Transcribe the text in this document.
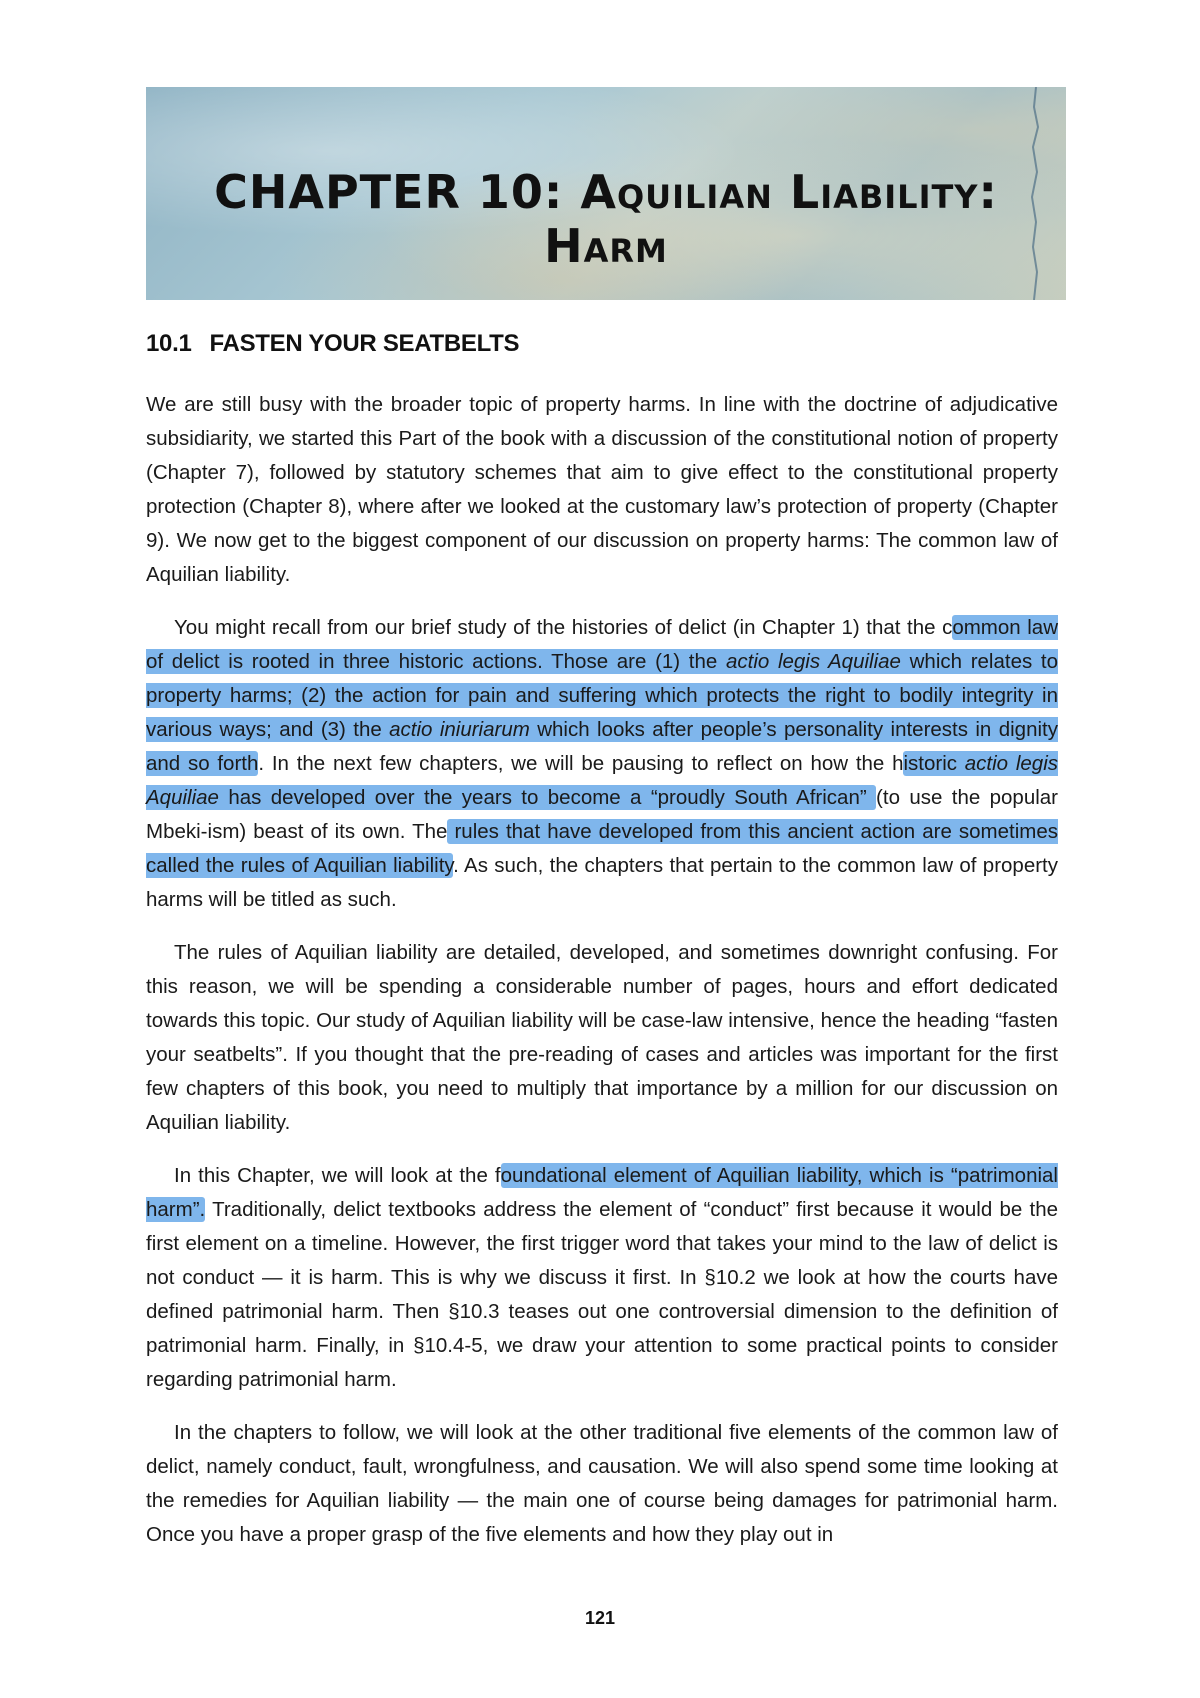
CHAPTER 10: Aquilian Liability: Harm
10.1 FASTEN YOUR SEATBELTS

We are still busy with the broader topic of property harms. In line with the doctrine of adjudicative subsidiarity, we started this Part of the book with a discussion of the constitutional notion of property (Chapter 7), followed by statutory schemes that aim to give effect to the constitutional property protection (Chapter 8), where after we looked at the customary law’s protection of property (Chapter 9). We now get to the biggest component of our discussion on property harms: The common law of Aquilian liability.

You might recall from our brief study of the histories of delict (in Chapter 1) that the common law of delict is rooted in three historic actions. Those are (1) the actio legis Aquiliae which relates to property harms; (2) the action for pain and suffering which protects the right to bodily integrity in various ways; and (3) the actio iniuriarum which looks after people’s personality interests in dignity and so forth. In the next few chapters, we will be pausing to reflect on how the historic actio legis Aquiliae has developed over the years to become a “proudly South African” (to use the popular Mbeki-ism) beast of its own. The rules that have developed from this ancient action are sometimes called the rules of Aquilian liability. As such, the chapters that pertain to the common law of property harms will be titled as such.

The rules of Aquilian liability are detailed, developed, and sometimes downright confusing. For this reason, we will be spending a considerable number of pages, hours and effort dedicated towards this topic. Our study of Aquilian liability will be case-law intensive, hence the heading “fasten your seatbelts”. If you thought that the pre-reading of cases and articles was important for the first few chapters of this book, you need to multiply that importance by a million for our discussion on Aquilian liability.

In this Chapter, we will look at the foundational element of Aquilian liability, which is “patrimonial harm”. Traditionally, delict textbooks address the element of “conduct” first because it would be the first element on a timeline. However, the first trigger word that takes your mind to the law of delict is not conduct — it is harm. This is why we discuss it first. In §10.2 we look at how the courts have defined patrimonial harm. Then §10.3 teases out one controversial dimension to the definition of patrimonial harm. Finally, in §10.4-5, we draw your attention to some practical points to consider regarding patrimonial harm.

In the chapters to follow, we will look at the other traditional five elements of the common law of delict, namely conduct, fault, wrongfulness, and causation. We will also spend some time looking at the remedies for Aquilian liability — the main one of course being damages for patrimonial harm. Once you have a proper grasp of the five elements and how they play out in

121
